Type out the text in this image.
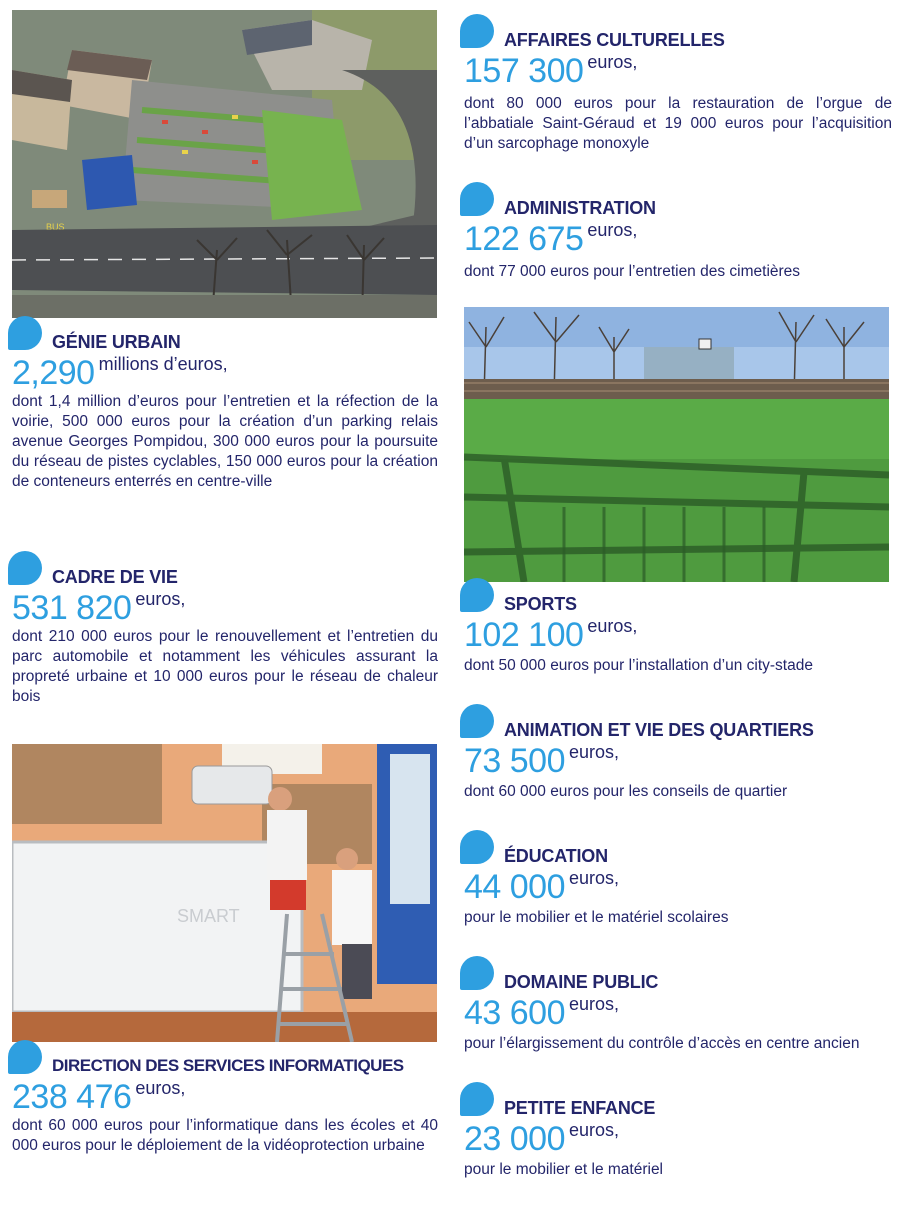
BUS
SMART
GÉNIE URBAIN
2,290 millions d’euros,
dont 1,4 million d’euros pour l’entretien et la réfection de la voirie, 500 000 euros pour la création d’un parking relais avenue Georges Pompidou, 300 000 euros pour la poursuite du réseau de pistes cyclables, 150 000 euros pour la création de conteneurs enterrés en centre-ville
CADRE DE VIE
531 820 euros,
dont 210 000 euros pour le renouvellement et l’entretien du parc automobile et notamment les véhicules assurant la propreté urbaine et 10 000 euros pour le réseau de chaleur bois
DIRECTION DES SERVICES INFORMATIQUES
238 476 euros,
dont 60 000 euros pour l’informatique dans les écoles et 40 000 euros pour le déploiement de la vidéoprotection urbaine
AFFAIRES CULTURELLES
157 300 euros,
dont 80 000 euros pour la restauration de l’orgue de l’abbatiale Saint-Géraud et 19 000 euros pour l’acquisition d’un sarcophage monoxyle
ADMINISTRATION
122 675 euros,
dont 77 000 euros pour l’entretien des cimetières
SPORTS
102 100 euros,
dont 50 000 euros pour l’installation d’un city-stade
ANIMATION ET VIE DES QUARTIERS
73 500 euros,
dont 60 000 euros pour les conseils de quartier
ÉDUCATION
44 000 euros,
pour le mobilier et le matériel scolaires
DOMAINE PUBLIC
43 600 euros,
pour l’élargissement du contrôle d’accès en centre ancien
PETITE ENFANCE
23 000 euros,
pour le mobilier et le matériel
